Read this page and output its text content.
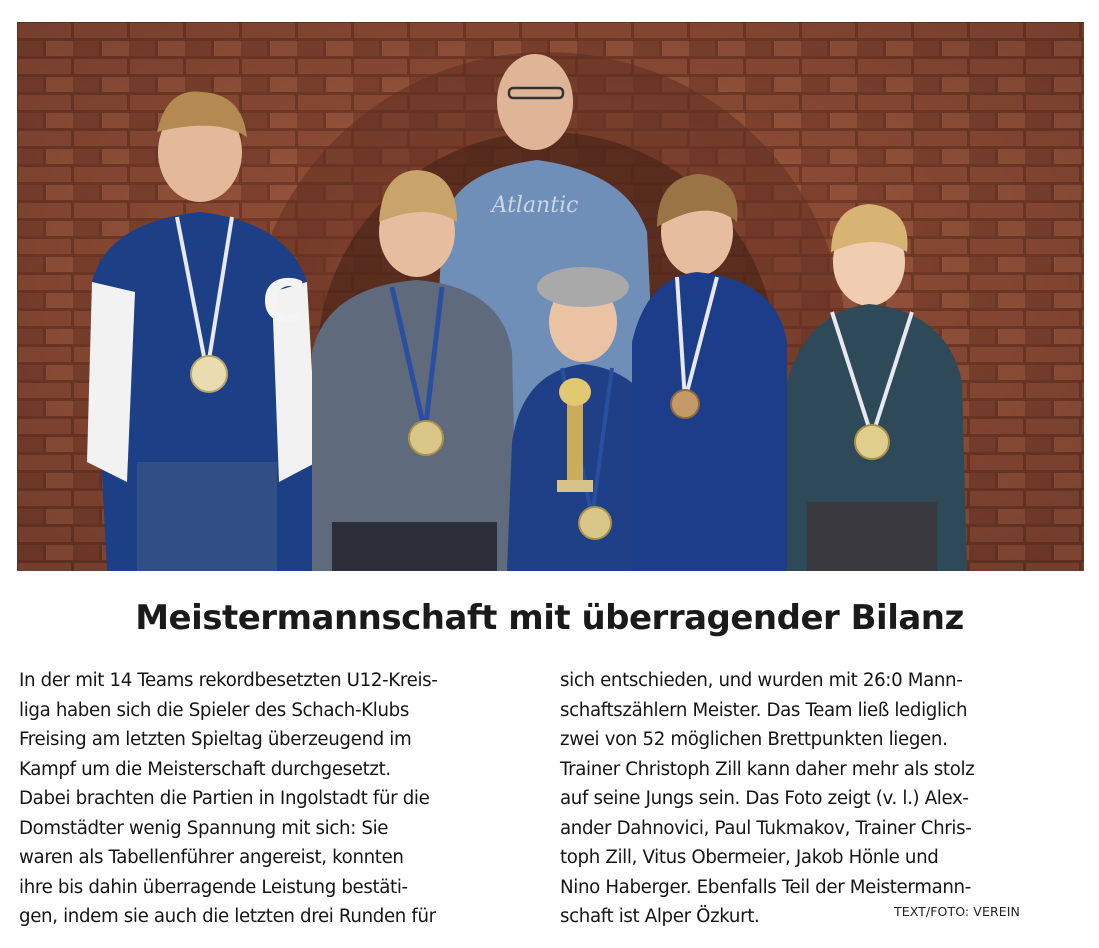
Atlantic
C
Meistermannschaft mit überragender Bilanz
In der mit 14 Teams rekordbesetzten U12-Kreis-
liga haben sich die Spieler des Schach-Klubs
Freising am letzten Spieltag überzeugend im
Kampf um die Meisterschaft durchgesetzt.
Dabei brachten die Partien in Ingolstadt für die
Domstädter wenig Spannung mit sich: Sie
waren als Tabellenführer angereist, konnten
ihre bis dahin überragende Leistung bestäti-
gen, indem sie auch die letzten drei Runden für
sich entschieden, und wurden mit 26:0 Mann-
schaftszählern Meister. Das Team ließ lediglich
zwei von 52 möglichen Brettpunkten liegen.
Trainer Christoph Zill kann daher mehr als stolz
auf seine Jungs sein. Das Foto zeigt (v. l.) Alex-
ander Dahnovici, Paul Tukmakov, Trainer Chris-
toph Zill, Vitus Obermeier, Jakob Hönle und
Nino Haberger. Ebenfalls Teil der Meistermann-
schaft ist Alper Özkurt.	TEXT/FOTO: VEREIN
